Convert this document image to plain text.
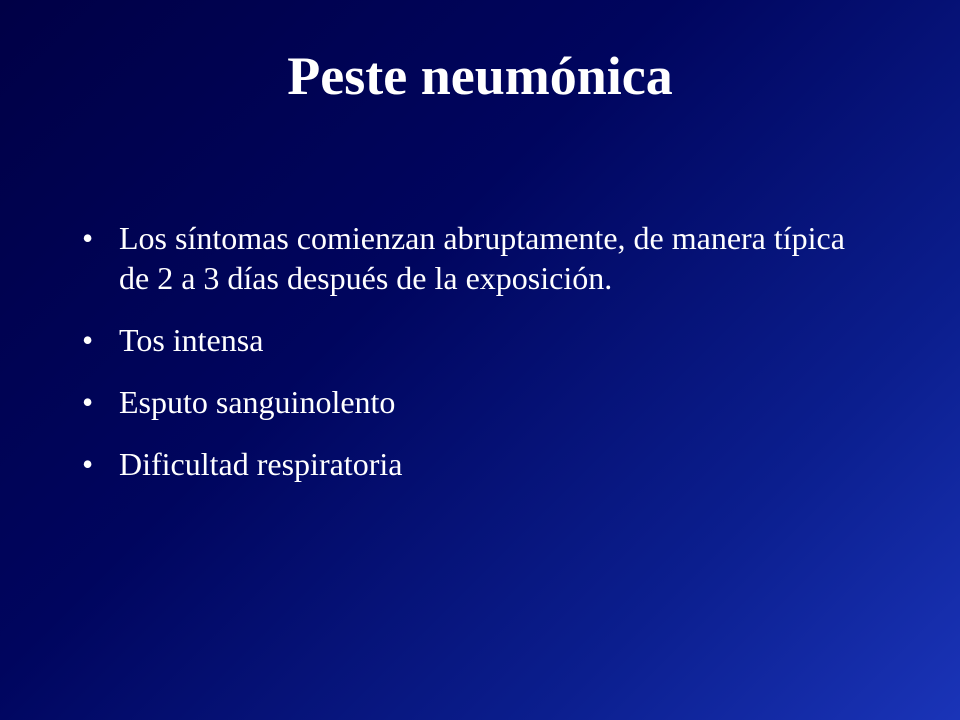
Peste neumónica
• Los síntomas comienzan abruptamente, de manera típica de 2 a 3 días después de la exposición.
• Tos intensa
• Esputo sanguinolento
• Dificultad respiratoria
